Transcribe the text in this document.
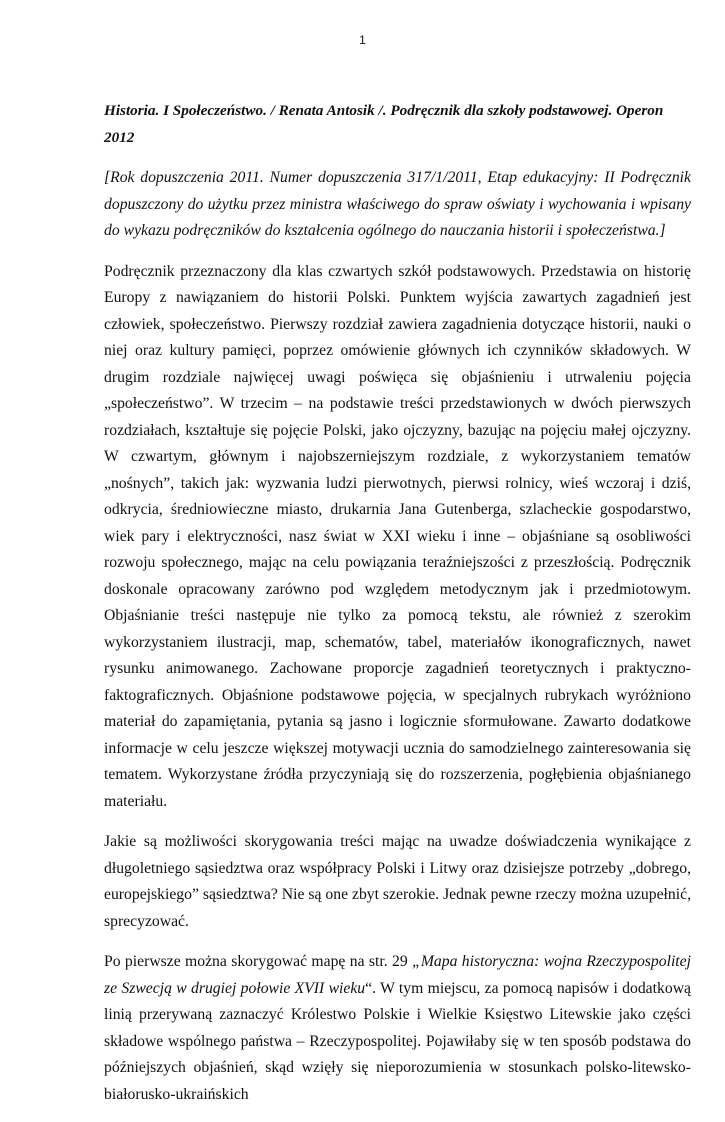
1

Historia. I Społeczeństwo. / Renata Antosik /. Podręcznik dla szkoły podstawowej. Operon 2012

[Rok dopuszczenia 2011. Numer dopuszczenia 317/1/2011, Etap edukacyjny: II Podręcznik dopuszczony do użytku przez ministra właściwego do spraw oświaty i wychowania i wpisany do wykazu podręczników do kształcenia ogólnego do nauczania historii i społeczeństwa.]

Podręcznik przeznaczony dla klas czwartych szkół podstawowych. Przedstawia on historię Europy z nawiązaniem do historii Polski. Punktem wyjścia zawartych zagadnień jest człowiek, społeczeństwo. Pierwszy rozdział zawiera zagadnienia dotyczące historii, nauki o niej oraz kultury pamięci, poprzez omówienie głównych ich czynników składowych. W drugim rozdziale najwięcej uwagi poświęca się objaśnieniu i utrwaleniu pojęcia „społeczeństwo”. W trzecim – na podstawie treści przedstawionych w dwóch pierwszych rozdziałach, kształtuje się pojęcie Polski, jako ojczyzny, bazując na pojęciu małej ojczyzny. W czwartym, głównym i najobszerniejszym rozdziale, z wykorzystaniem tematów „nośnych”, takich jak: wyzwania ludzi pierwotnych, pierwsi rolnicy, wieś wczoraj i dziś, odkrycia, średniowieczne miasto, drukarnia Jana Gutenberga, szlacheckie gospodarstwo, wiek pary i elektryczności, nasz świat w XXI wieku i inne – objaśniane są osobliwości rozwoju społecznego, mając na celu powiązania teraźniejszości z przeszłością. Podręcznik doskonale opracowany zarówno pod względem metodycznym jak i przedmiotowym. Objaśnianie treści następuje nie tylko za pomocą tekstu, ale również z szerokim wykorzystaniem ilustracji, map, schematów, tabel, materiałów ikonograficznych, nawet rysunku animowanego. Zachowane proporcje zagadnień teoretycznych i praktyczno-faktograficznych. Objaśnione podstawowe pojęcia, w specjalnych rubrykach wyróżniono materiał do zapamiętania, pytania są jasno i logicznie sformułowane. Zawarto dodatkowe informacje w celu jeszcze większej motywacji ucznia do samodzielnego zainteresowania się tematem. Wykorzystane źródła przyczyniają się do rozszerzenia, pogłębienia objaśnianego materiału.

Jakie są możliwości skorygowania treści mając na uwadze doświadczenia wynikające z długoletniego sąsiedztwa oraz współpracy Polski i Litwy oraz dzisiejsze potrzeby „dobrego, europejskiego” sąsiedztwa? Nie są one zbyt szerokie. Jednak pewne rzeczy można uzupełnić, sprecyzować.

Po pierwsze można skorygować mapę na str. 29 „Mapa historyczna: wojna Rzeczypospolitej ze Szwecją w drugiej połowie XVII wieku“. W tym miejscu, za pomocą napisów i dodatkową linią przerywaną zaznaczyć Królestwo Polskie i Wielkie Księstwo Litewskie jako części składowe wspólnego państwa – Rzeczypospolitej. Pojawiłaby się w ten sposób podstawa do późniejszych objaśnień, skąd wzięły się nieporozumienia w stosunkach polsko-litewsko-białorusko-ukraińskich
